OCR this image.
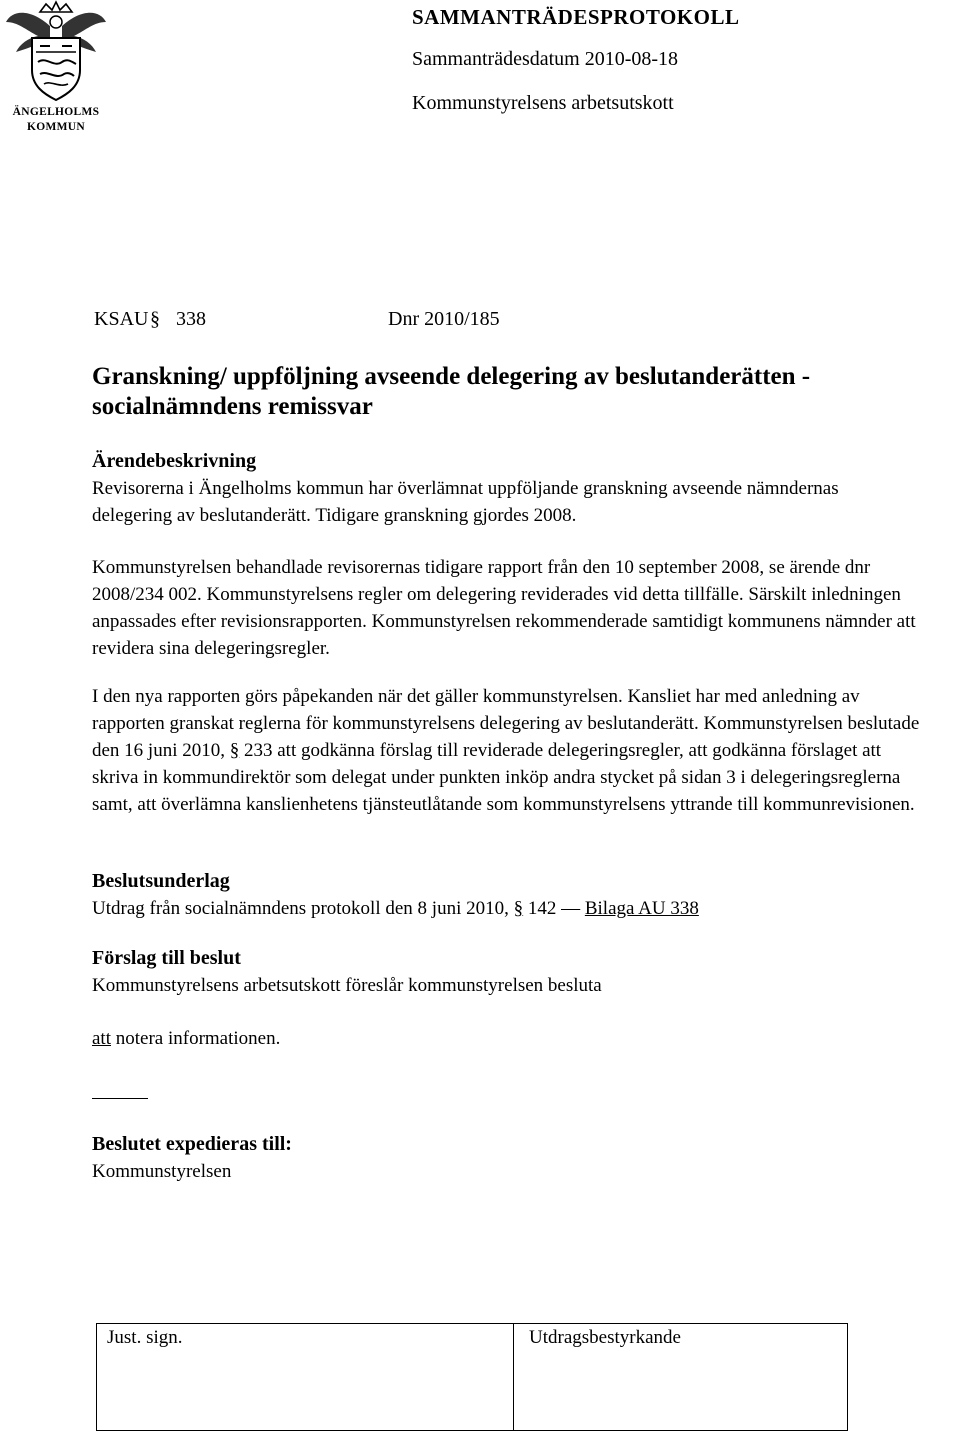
ÄNGELHOLMS
KOMMUN
SAMMANTRÄDESPROTOKOLL
Sammanträdesdatum 2010-08-18
Kommunstyrelsens arbetsutskott
KSAU § 338	Dnr 2010/185
Granskning/ uppföljning avseende delegering av beslutanderätten -
socialnämndens remissvar
Ärendebeskrivning

Revisorerna i Ängelholms kommun har överlämnat uppföljande granskning avseende nämndernas delegering av beslutanderätt. Tidigare granskning gjordes 2008.

Kommunstyrelsen behandlade revisorernas tidigare rapport från den 10 september 2008, se ärende dnr 2008/234 002. Kommunstyrelsens regler om delegering reviderades vid detta tillfälle. Särskilt inledningen anpassades efter revisionsrapporten. Kommunstyrelsen rekommenderade samtidigt kommunens nämnder att revidera sina delegeringsregler.

I den nya rapporten görs påpekanden när det gäller kommunstyrelsen. Kansliet har med anledning av rapporten granskat reglerna för kommunstyrelsens delegering av beslutanderätt. Kommunstyrelsen beslutade den 16 juni 2010, § 233 att godkänna förslag till reviderade delegeringsregler, att godkänna förslaget att skriva in kommundirektör som delegat under punkten inköp andra stycket på sidan 3 i delegeringsreglerna samt, att överlämna kanslienhetens tjänsteutlåtande som kommunstyrelsens yttrande till kommunrevisionen.

Beslutsunderlag

Utdrag från socialnämndens protokoll den 8 juni 2010, § 142 — Bilaga AU 338

Förslag till beslut

Kommunstyrelsens arbetsutskott föreslår kommunstyrelsen besluta

att notera informationen.

Beslutet expedieras till:

Kommunstyrelsen

Just. sign.	Utdragsbestyrkande
